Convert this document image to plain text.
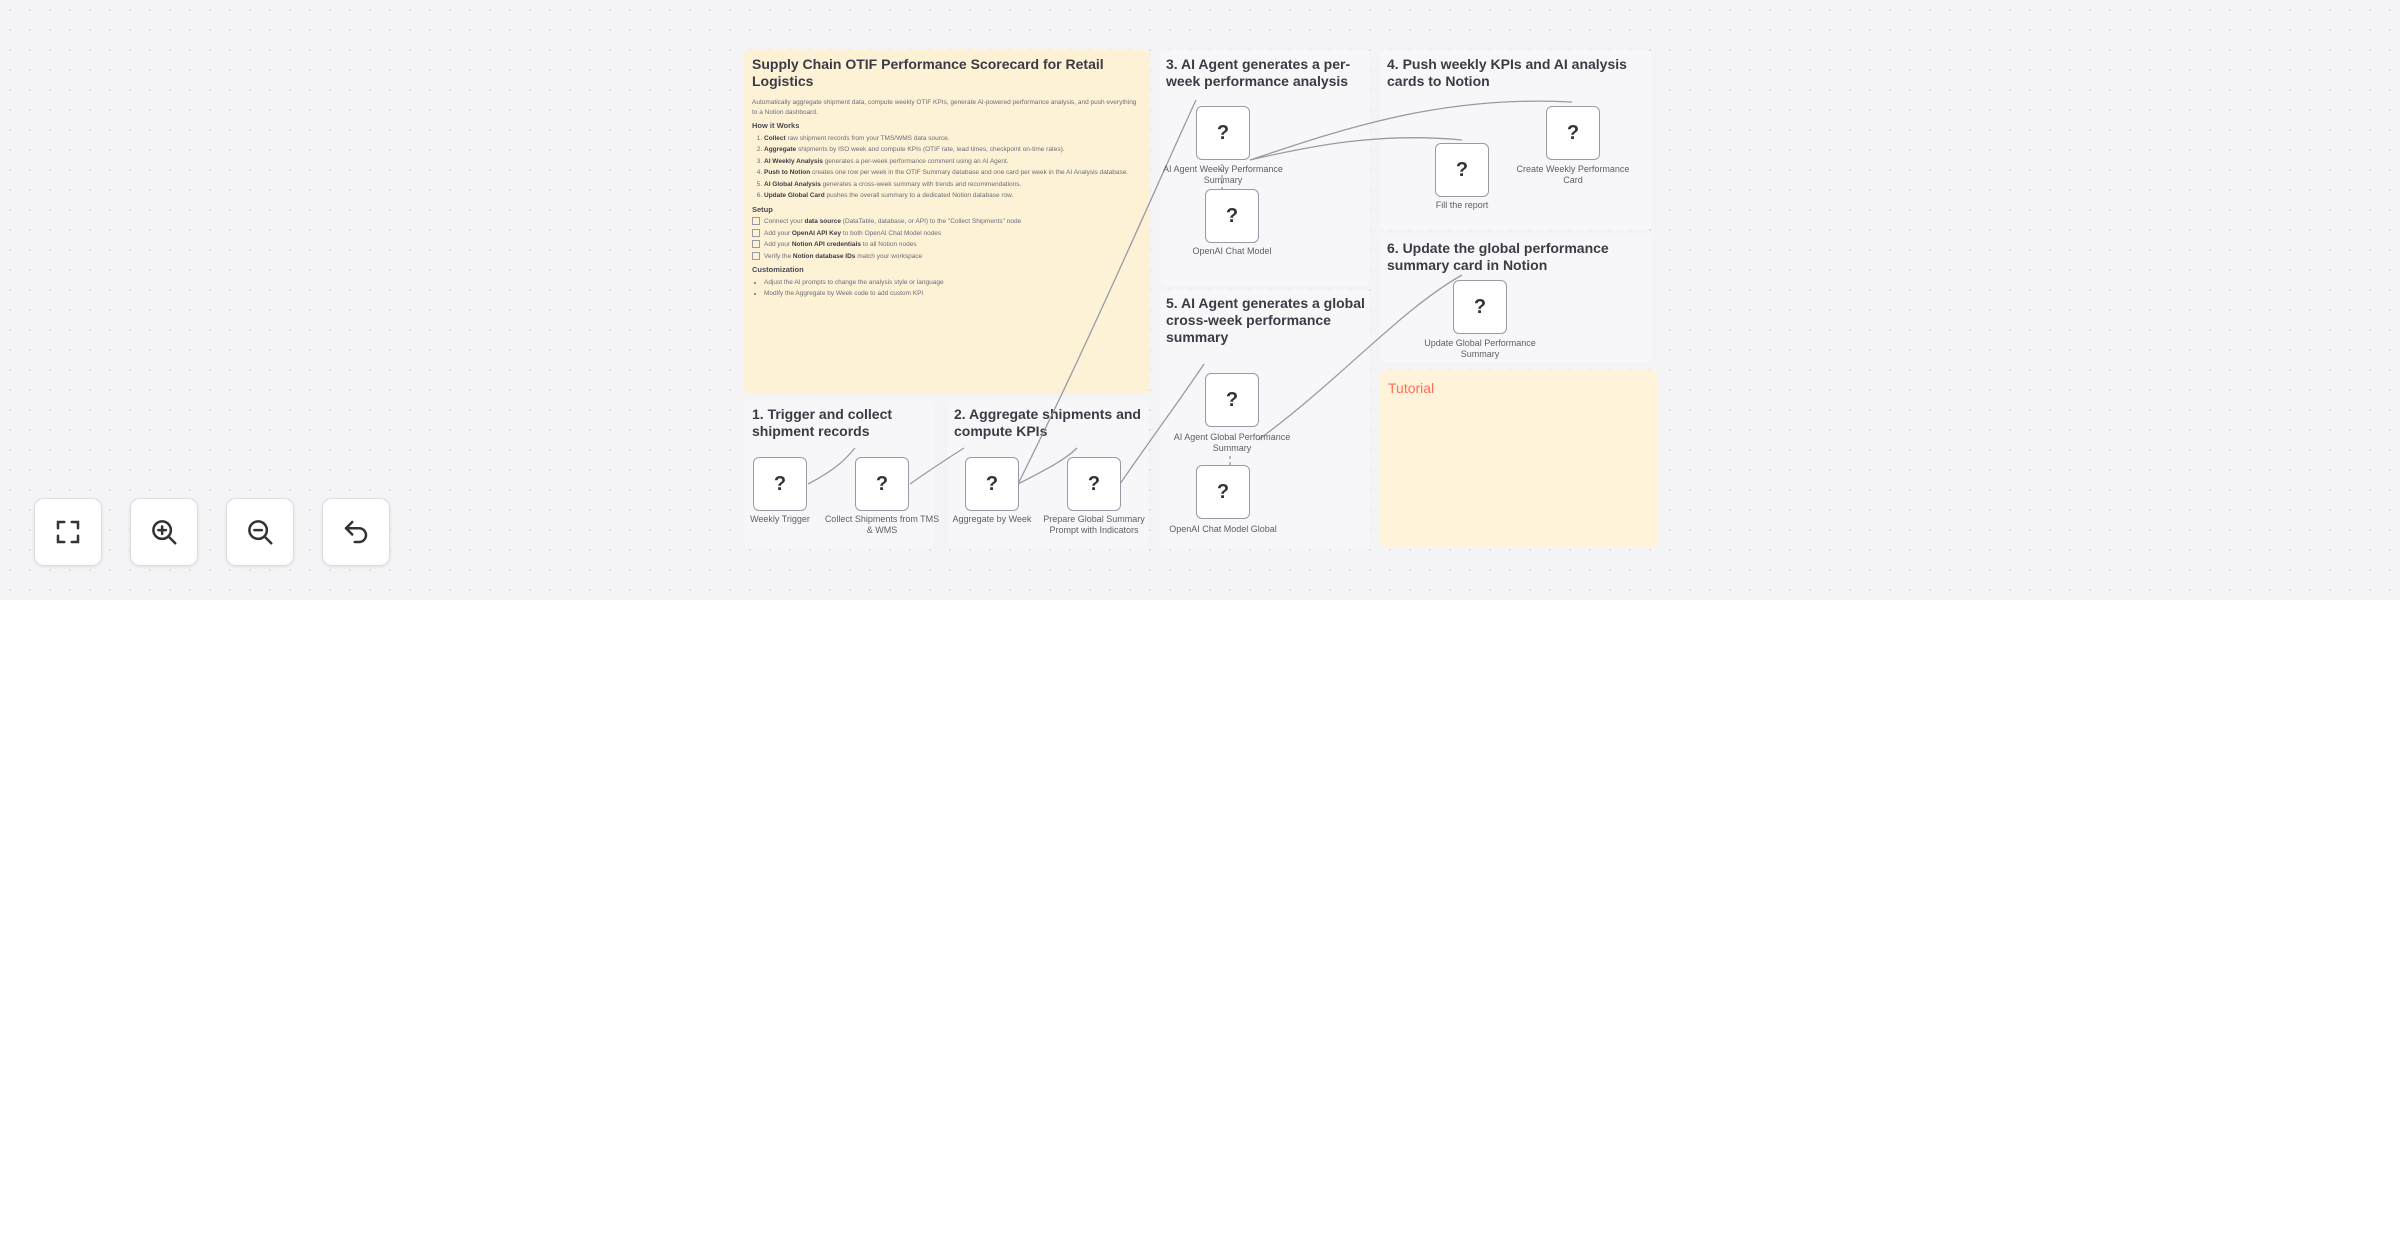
Supply Chain OTIF Performance Scorecard for Retail Logistics
Automatically aggregate shipment data, compute weekly OTIF KPIs, generate AI-powered performance analysis, and push everything to a Notion dashboard.
How it Works
1. Collect raw shipment records from your TMS/WMS data source.
2. Aggregate shipments by ISO week and compute KPIs (OTIF rate, lead times, checkpoint on-time rates).
3. AI Weekly Analysis generates a per-week performance comment using an AI Agent.
4. Push to Notion creates one row per week in the OTIF Summary database and one card per week in the AI Analysis database.
5. AI Global Analysis generates a cross-week summary with trends and recommendations.
6. Update Global Card pushes the overall summary to a dedicated Notion database row.
Setup
Connect your data source (DataTable, database, or API) to the "Collect Shipments" node
Add your OpenAI API Key to both OpenAI Chat Model nodes
Add your Notion API credentials to all Notion nodes
Verify the Notion database IDs match your workspace
Customization
• Adjust the AI prompts to change the analysis style or language
• Modify the Aggregate by Week code to add custom KPI
1. Trigger and collect shipment records
2. Aggregate shipments and compute KPIs
3. AI Agent generates a per-week performance analysis
4. Push weekly KPIs and AI analysis cards to Notion
5. AI Agent generates a global cross-week performance summary
6. Update the global performance summary card in Notion
Tutorial
?
Weekly Trigger
?
Collect Shipments from TMS & WMS
?
Aggregate by Week
?
Prepare Global Summary Prompt with Indicators
?
AI Agent Weekly Performance Summary
?
OpenAI Chat Model
?
Fill the report
?
Create Weekly Performance Card
?
AI Agent Global Performance Summary
?
OpenAI Chat Model Global
?
Update Global Performance Summary
